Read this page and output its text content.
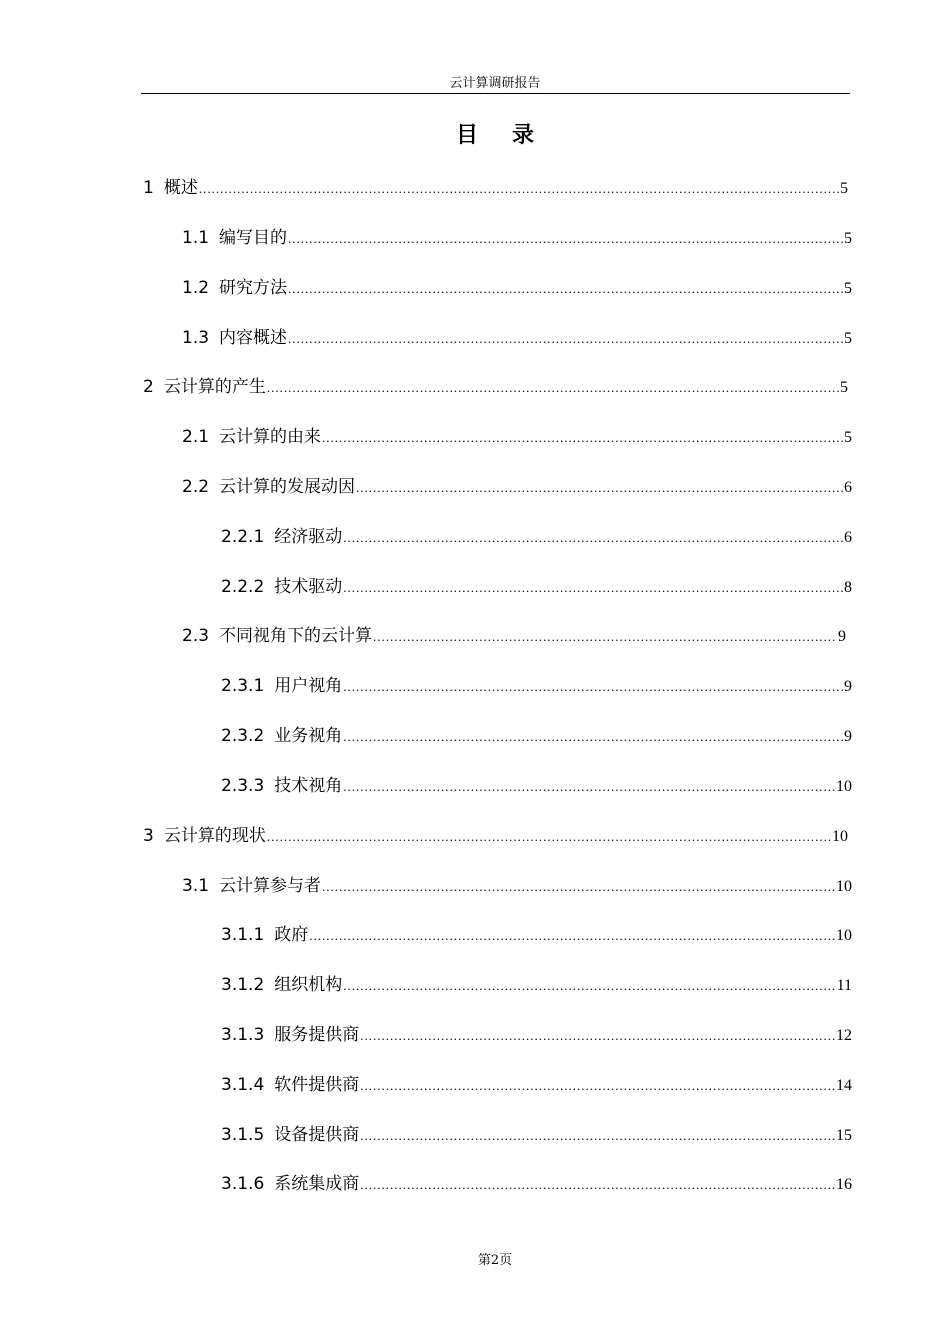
云计算调研报告
目录
1 概述 .....	5
1.1 编写目的 .....	5
1.2 研究方法 .....	5
1.3 内容概述 .....	5
2 云计算的产生 .....	5
2.1 云计算的由来 .....	5
2.2 云计算的发展动因 .....	6
2.2.1 经济驱动 .....	6
2.2.2 技术驱动 .....	8
2.3 不同视角下的云计算 .....	9
2.3.1 用户视角 .....	9
2.3.2 业务视角 .....	9
2.3.3 技术视角 .....	10
3 云计算的现状 .....	10
3.1 云计算参与者 .....	10
3.1.1 政府 .....	10
3.1.2 组织机构 .....	11
3.1.3 服务提供商 .....	12
3.1.4 软件提供商 .....	14
3.1.5 设备提供商 .....	15
3.1.6 系统集成商 .....	16
第2页
